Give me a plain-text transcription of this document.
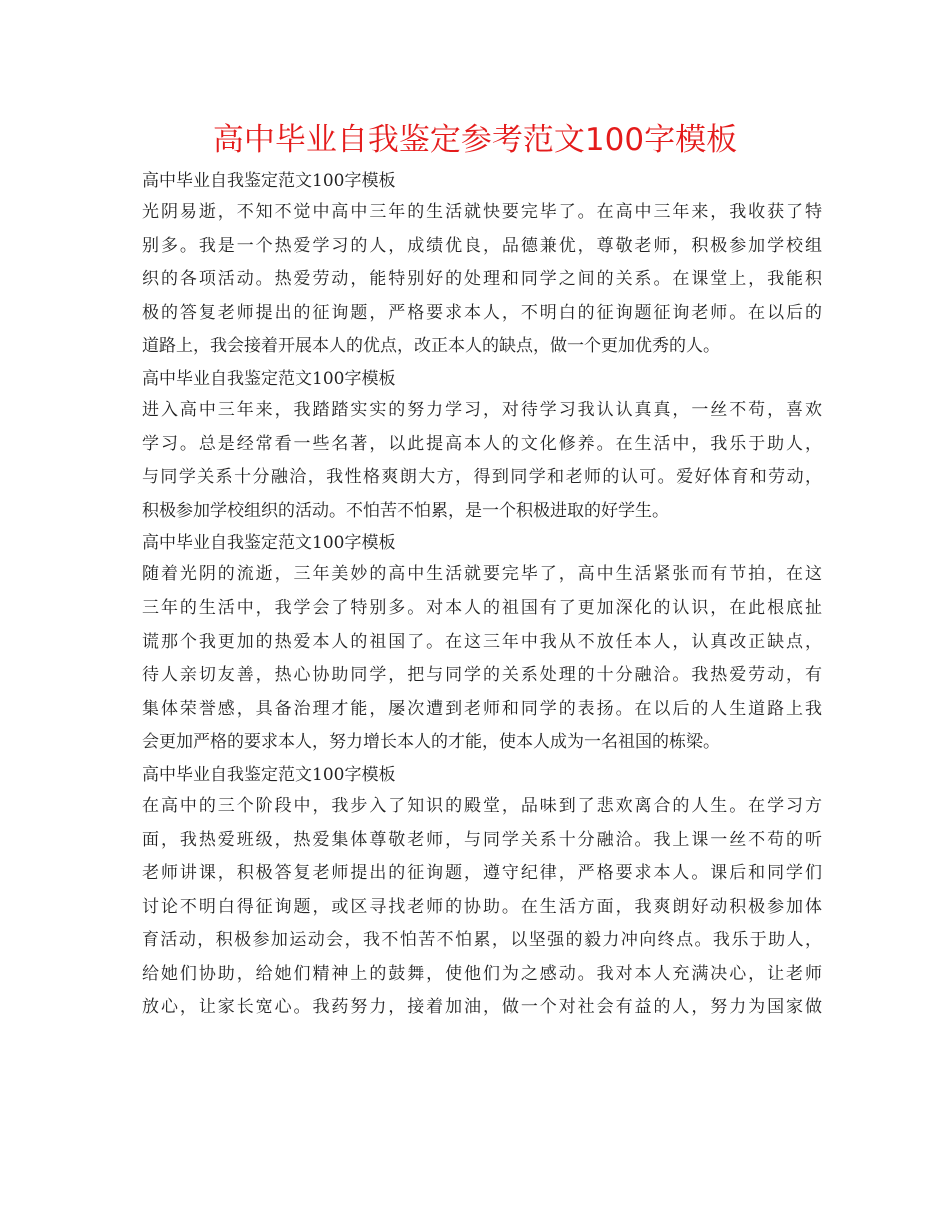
高中毕业自我鉴定参考范文100字模板
高中毕业自我鉴定范文100字模板
光阴易逝，不知不觉中高中三年的生活就快要完毕了。在高中三年来，我收获了特
别多。我是一个热爱学习的人，成绩优良，品德兼优，尊敬老师，积极参加学校组
织的各项活动。热爱劳动，能特别好的处理和同学之间的关系。在课堂上，我能积
极的答复老师提出的征询题，严格要求本人，不明白的征询题征询老师。在以后的
道路上，我会接着开展本人的优点，改正本人的缺点，做一个更加优秀的人。
高中毕业自我鉴定范文100字模板
进入高中三年来，我踏踏实实的努力学习，对待学习我认认真真，一丝不苟，喜欢
学习。总是经常看一些名著，以此提高本人的文化修养。在生活中，我乐于助人，
与同学关系十分融洽，我性格爽朗大方，得到同学和老师的认可。爱好体育和劳动，
积极参加学校组织的活动。不怕苦不怕累，是一个积极进取的好学生。
高中毕业自我鉴定范文100字模板
随着光阴的流逝，三年美妙的高中生活就要完毕了，高中生活紧张而有节拍，在这
三年的生活中，我学会了特别多。对本人的祖国有了更加深化的认识，在此根底扯
谎那个我更加的热爱本人的祖国了。在这三年中我从不放任本人，认真改正缺点，
待人亲切友善，热心协助同学，把与同学的关系处理的十分融洽。我热爱劳动，有
集体荣誉感，具备治理才能，屡次遭到老师和同学的表扬。在以后的人生道路上我
会更加严格的要求本人，努力增长本人的才能，使本人成为一名祖国的栋梁。
高中毕业自我鉴定范文100字模板
在高中的三个阶段中，我步入了知识的殿堂，品味到了悲欢离合的人生。在学习方
面，我热爱班级，热爱集体尊敬老师，与同学关系十分融洽。我上课一丝不苟的听
老师讲课，积极答复老师提出的征询题，遵守纪律，严格要求本人。课后和同学们
讨论不明白得征询题，或区寻找老师的协助。在生活方面，我爽朗好动积极参加体
育活动，积极参加运动会，我不怕苦不怕累，以坚强的毅力冲向终点。我乐于助人，
给她们协助，给她们精神上的鼓舞，使他们为之感动。我对本人充满决心，让老师
放心，让家长宽心。我药努力，接着加油，做一个对社会有益的人，努力为国家做
